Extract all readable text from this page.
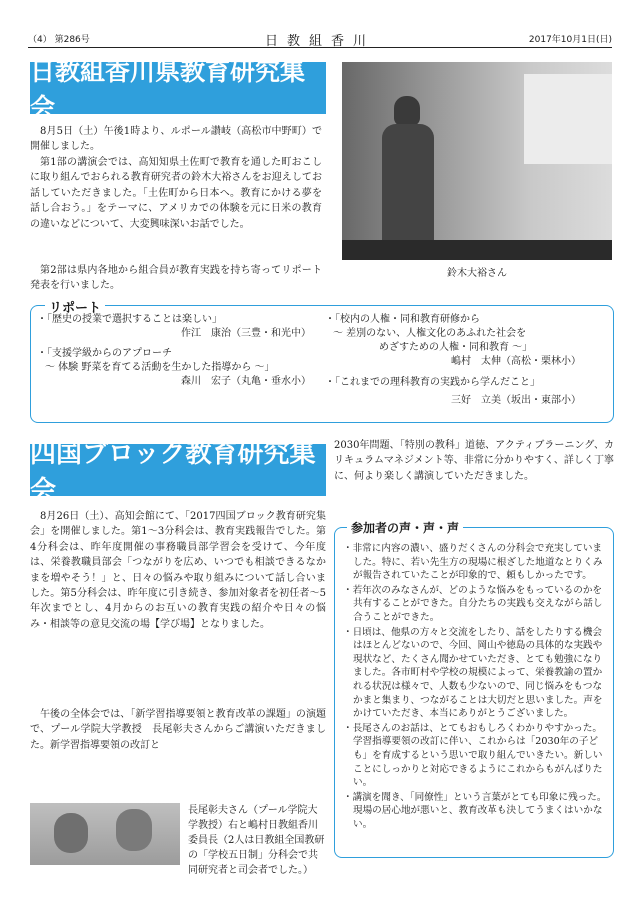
（4） 第286号	日教組香川	2017年10月1日(日)
日教組香川県教育研究集会

8月5日（土）午後1時より、ルポール讃岐（高松市中野町）で開催しました。

第1部の講演会では、高知知県土佐町で教育を通した町おこしに取り組んでおられる教育研究者の鈴木大裕さんをお迎えしてお話していただきました。「土佐町から日本へ。教育にかける夢を話し合おう。」をテーマに、アメリカでの体験を元に日米の教育の違いなどについて、大変興味深いお話でした。

第2部は県内各地から組合員が教育実践を持ち寄ってリポート発表を行いました。

鈴木大裕さん
リポート
・「歴史の授業で選択することは楽しい」
作江　康治（三豊・和光中）
・「支援学級からのアプローチ
～ 体験 野菜を育てる活動を生かした指導から ～」
森川　宏子（丸亀・垂水小）
・「校内の人権・同和教育研修から
～ 差別のない、人権文化のあふれた社会を
めざすための人権・同和教育 ～」
嶋村　太伸（高松・栗林小）
・「これまでの理科教育の実践から学んだこと」
三好　立美（坂出・東部小）
四国ブロック教育研究集会

8月26日（土）、高知会館にて、「2017四国ブロック教育研究集会」を開催しました。第1～3分科会は、教育実践報告でした。第4分科会は、昨年度開催の事務職員部学習会を受けて、今年度は、栄養教職員部会「つながりを広め、いつでも相談できるなかまを増やそう！」と、日々の悩みや取り組みについて話し合いました。第5分科会は、昨年度に引き続き、参加対象者を初任者～5年次までとし、4月からのお互いの教育実践の紹介や日々の悩み・相談等の意見交流の場【学び場】となりました。

午後の全体会では、「新学習指導要領と教育改革の課題」の演題で、プール学院大学教授　長尾彰夫さんからご講演いただきました。新学習指導要領の改訂と

2030年問題、「特別の教科」道徳、アクティブラーニング、カリキュラムマネジメント等、非常に分かりやすく、詳しく丁寧に、何より楽しく講演していただきました。

参加者の声・声・声
・非常に内容の濃い、盛りだくさんの分科会で充実していました。特に、若い先生方の現場に根ざした地道なとりくみが報告されていたことが印象的で、頼もしかったです。
・若年次のみなさんが、どのような悩みをもっているのかを共有することができた。自分たちの実践も交えながら話し合うことができた。
・日頃は、他県の方々と交流をしたり、話をしたりする機会はほとんどないので、今回、岡山や徳島の具体的な実践や現状など、たくさん聞かせていただき、とても勉強になりました。各市町村や学校の規模によって、栄養教諭の置かれる状況は様々で、人数も少ないので、同じ悩みをもつなかまと集まり、つながることは大切だと思いました。声をかけていただき、本当にありがとうございました。
・長尾さんのお話は、とてもおもしろくわかりやすかった。学習指導要領の改訂に伴い、これからは「2030年の子ども」を育成するという思いで取り組んでいきたい。新しいことにしっかりと対応できるようにこれからもがんばりたい。
・講演を聞き、「同僚性」という言葉がとても印象に残った。現場の居心地が悪いと、教育改革も決してうまくはいかない。

長尾彰夫さん（プール学院大学教授）右と嶋村日教組香川委員長（2人は日教組全国教研の「学校五日制」分科会で共同研究者と司会者でした。）
